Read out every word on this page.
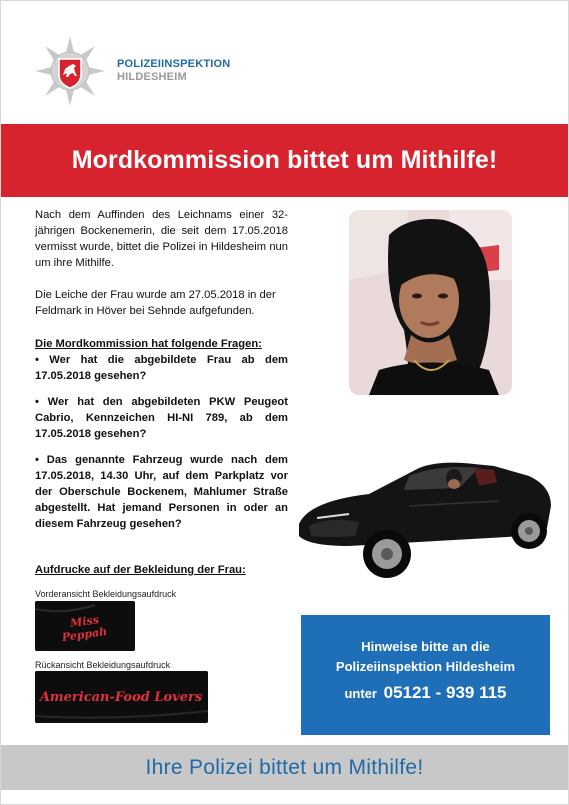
POLIZEIINSPEKTION
HILDESHEIM
Mordkommission bittet um Mithilfe!

Nach dem Auffinden des Leichnams einer 32-jährigen Bockenemerin, die seit dem 17.05.2018 vermisst wurde, bittet die Polizei in Hildesheim nun um ihre Mithilfe.

Die Leiche der Frau wurde am 27.05.2018 in der Feldmark in Höver bei Sehnde aufgefunden.

Die Mordkommission hat folgende Fragen:

• Wer hat die abgebildete Frau ab dem 17.05.2018 gesehen?

• Wer hat den abgebildeten PKW Peugeot Cabrio, Kennzeichen HI-NI 789, ab dem 17.05.2018 gesehen?

• Das genannte Fahrzeug wurde nach dem 17.05.2018, 14.30 Uhr, auf dem Parkplatz vor der Oberschule Bockenem, Mahlumer Straße abgestellt. Hat jemand Personen in oder an diesem Fahrzeug gesehen?

Aufdrucke auf der Bekleidung der Frau:

Vorderansicht Bekleidungsaufdruck

Miss
Peppah

Rückansicht Bekleidungsaufdruck

American-Food Lovers

Hinweise bitte an die

Polizeiinspektion Hildesheim

unter 05121 - 939 115

Ihre Polizei bittet um Mithilfe!
